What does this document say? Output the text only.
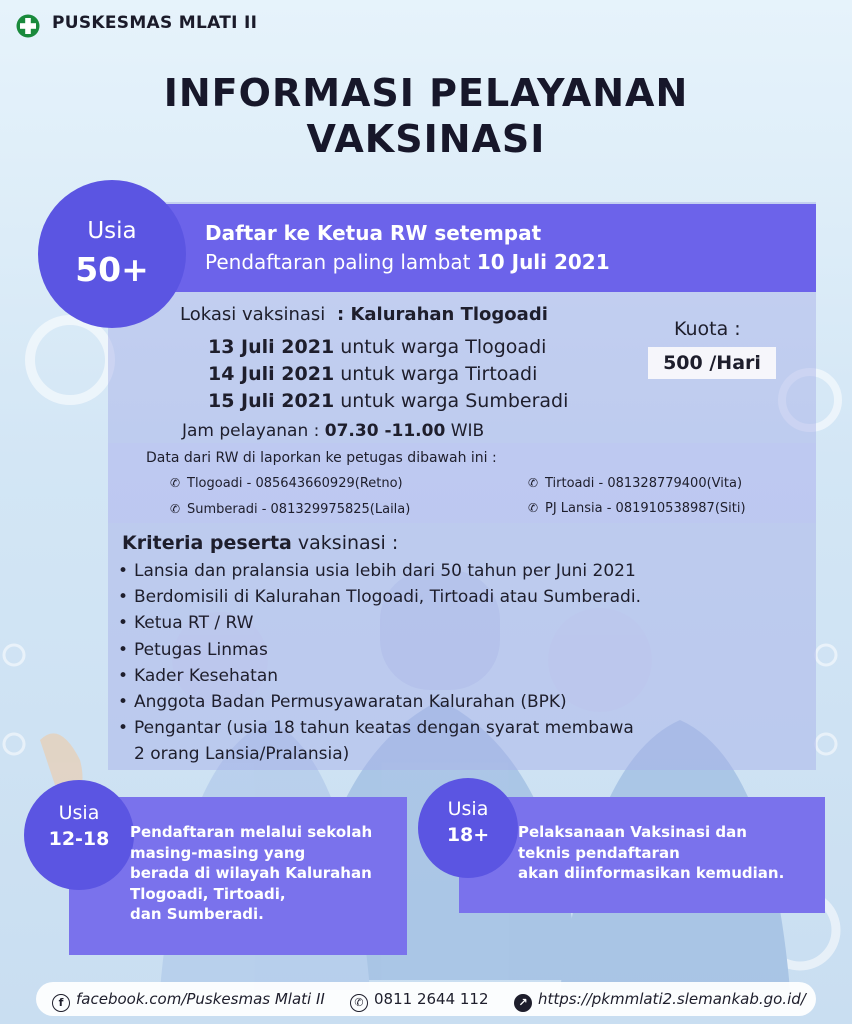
PUSKESMAS MLATI II
INFORMASI PELAYANAN
VAKSINASI
Usia
50+
Daftar ke Ketua RW setempat
Pendaftaran paling lambat 10 Juli 2021
Lokasi vaksinasi : Kalurahan Tlogoadi
13 Juli 2021 untuk warga Tlogoadi
14 Juli 2021 untuk warga Tirtoadi
15 Juli 2021 untuk warga Sumberadi
Jam pelayanan : 07.30 -11.00 WIB
Kuota :
500 /Hari
Data dari RW di laporkan ke petugas dibawah ini :
✆ Tlogoadi - 085643660929(Retno)
✆ Sumberadi - 081329975825(Laila)
✆ Tirtoadi - 081328779400(Vita)
✆ PJ Lansia - 081910538987(Siti)
Kriteria peserta vaksinasi :
• Lansia dan pralansia usia lebih dari 50 tahun per Juni 2021
• Berdomisili di Kalurahan Tlogoadi, Tirtoadi atau Sumberadi.
• Ketua RT / RW
• Petugas Linmas
• Kader Kesehatan
• Anggota Badan Permusyawaratan Kalurahan (BPK)
• Pengantar (usia 18 tahun keatas dengan syarat membawa
2 orang Lansia/Pralansia)
Usia
12-18
Usia
18+
Pendaftaran melalui sekolah
masing-masing yang
berada di wilayah Kalurahan
Tlogoadi, Tirtoadi,
dan Sumberadi.
Pelaksanaan Vaksinasi dan
teknis pendaftaran
akan diinformasikan kemudian.
f facebook.com/Puskesmas Mlati II	✆ 0811 2644 112	↗ https://pkmmlati2.slemankab.go.id/
